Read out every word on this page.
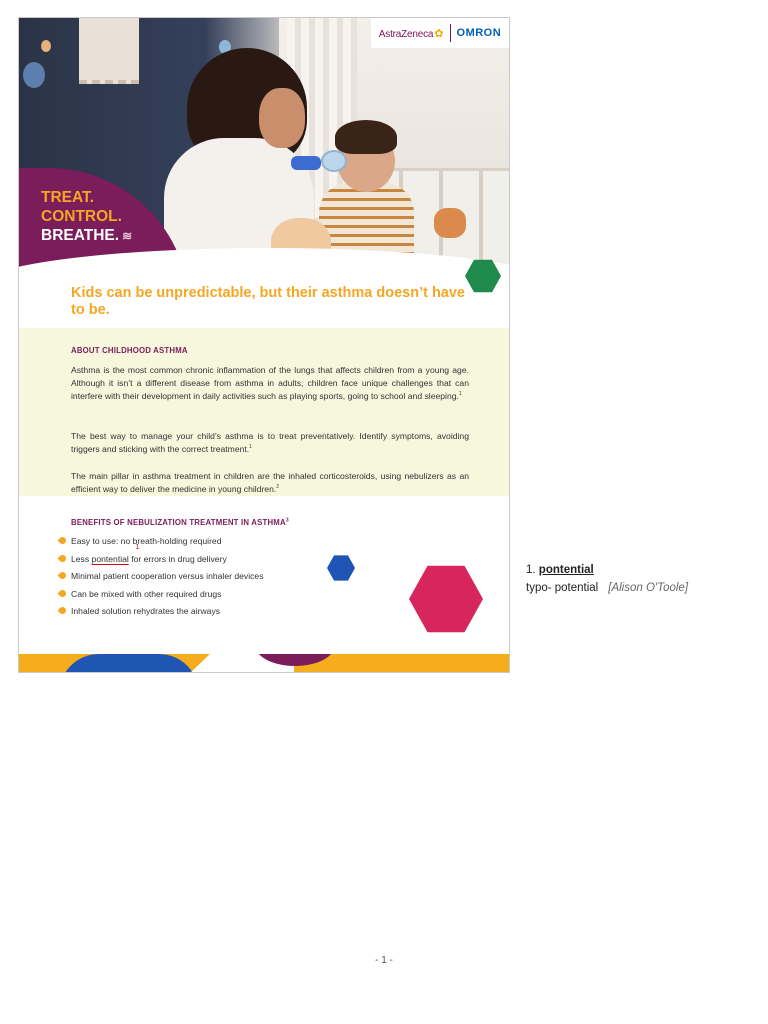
AstraZeneca✿ OMRON
TREAT.
CONTROL.
BREATHE. ≋
Kids can be unpredictable, but their asthma doesn’t have to be.
ABOUT CHILDHOOD ASTHMA
Asthma is the most common chronic inflammation of the lungs that affects children from a young age. Although it isn’t a different disease from asthma in adults, children face unique challenges that can interfere with their development in daily activities such as playing sports, going to school and sleeping.$^1$
The best way to manage your child’s asthma is to treat preventatively. Identify symptoms, avoiding triggers and sticking with the correct treatment.$^1$
The main pillar in asthma treatment in children are the inhaled corticosteroids, using nebulizers as an efficient way to deliver the medicine in young children.$^2$
BENEFITS OF NEBULIZATION TREATMENT IN ASTHMA$^3$
Easy to use: no breath-holding required
Less pontential
1
for errors in drug delivery
Minimal patient cooperation versus inhaler devices
Can be mixed with other required drugs
Inhaled solution rehydrates the airways
1. pontential
typo- potential [Alison O'Toole]
- 1 -
